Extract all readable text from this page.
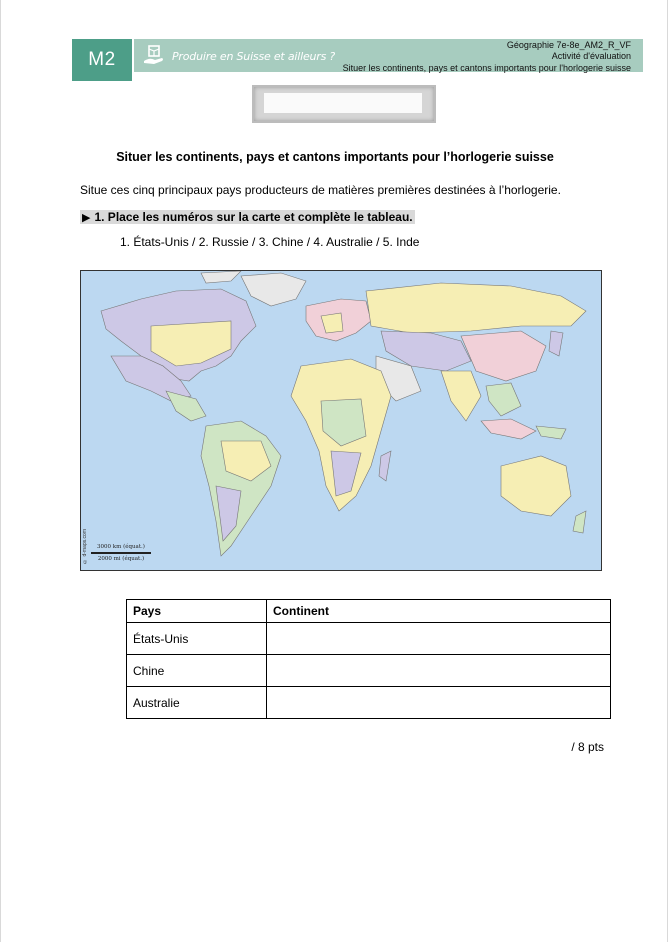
M2	Produire en Suisse et ailleurs ?
Géographie 7e-8e_AM2_R_VF
Activité d'évaluation
Situer les continents, pays et cantons importants pour l'horlogerie suisse
Situer les continents, pays et cantons importants pour l’horlogerie suisse
Situe ces cinq principaux pays producteurs de matières premières destinées à l’horlogerie.
▶ 1. Place les numéros sur la carte et complète le tableau.
1. États-Unis / 2. Russie / 3. Chine / 4. Australie / 5. Inde
3000 km (équat.)
2000 mi (équat.)
© d-maps.com
Pays	Continent
États-Unis	
Chine	
Australie	
/ 8 pts
